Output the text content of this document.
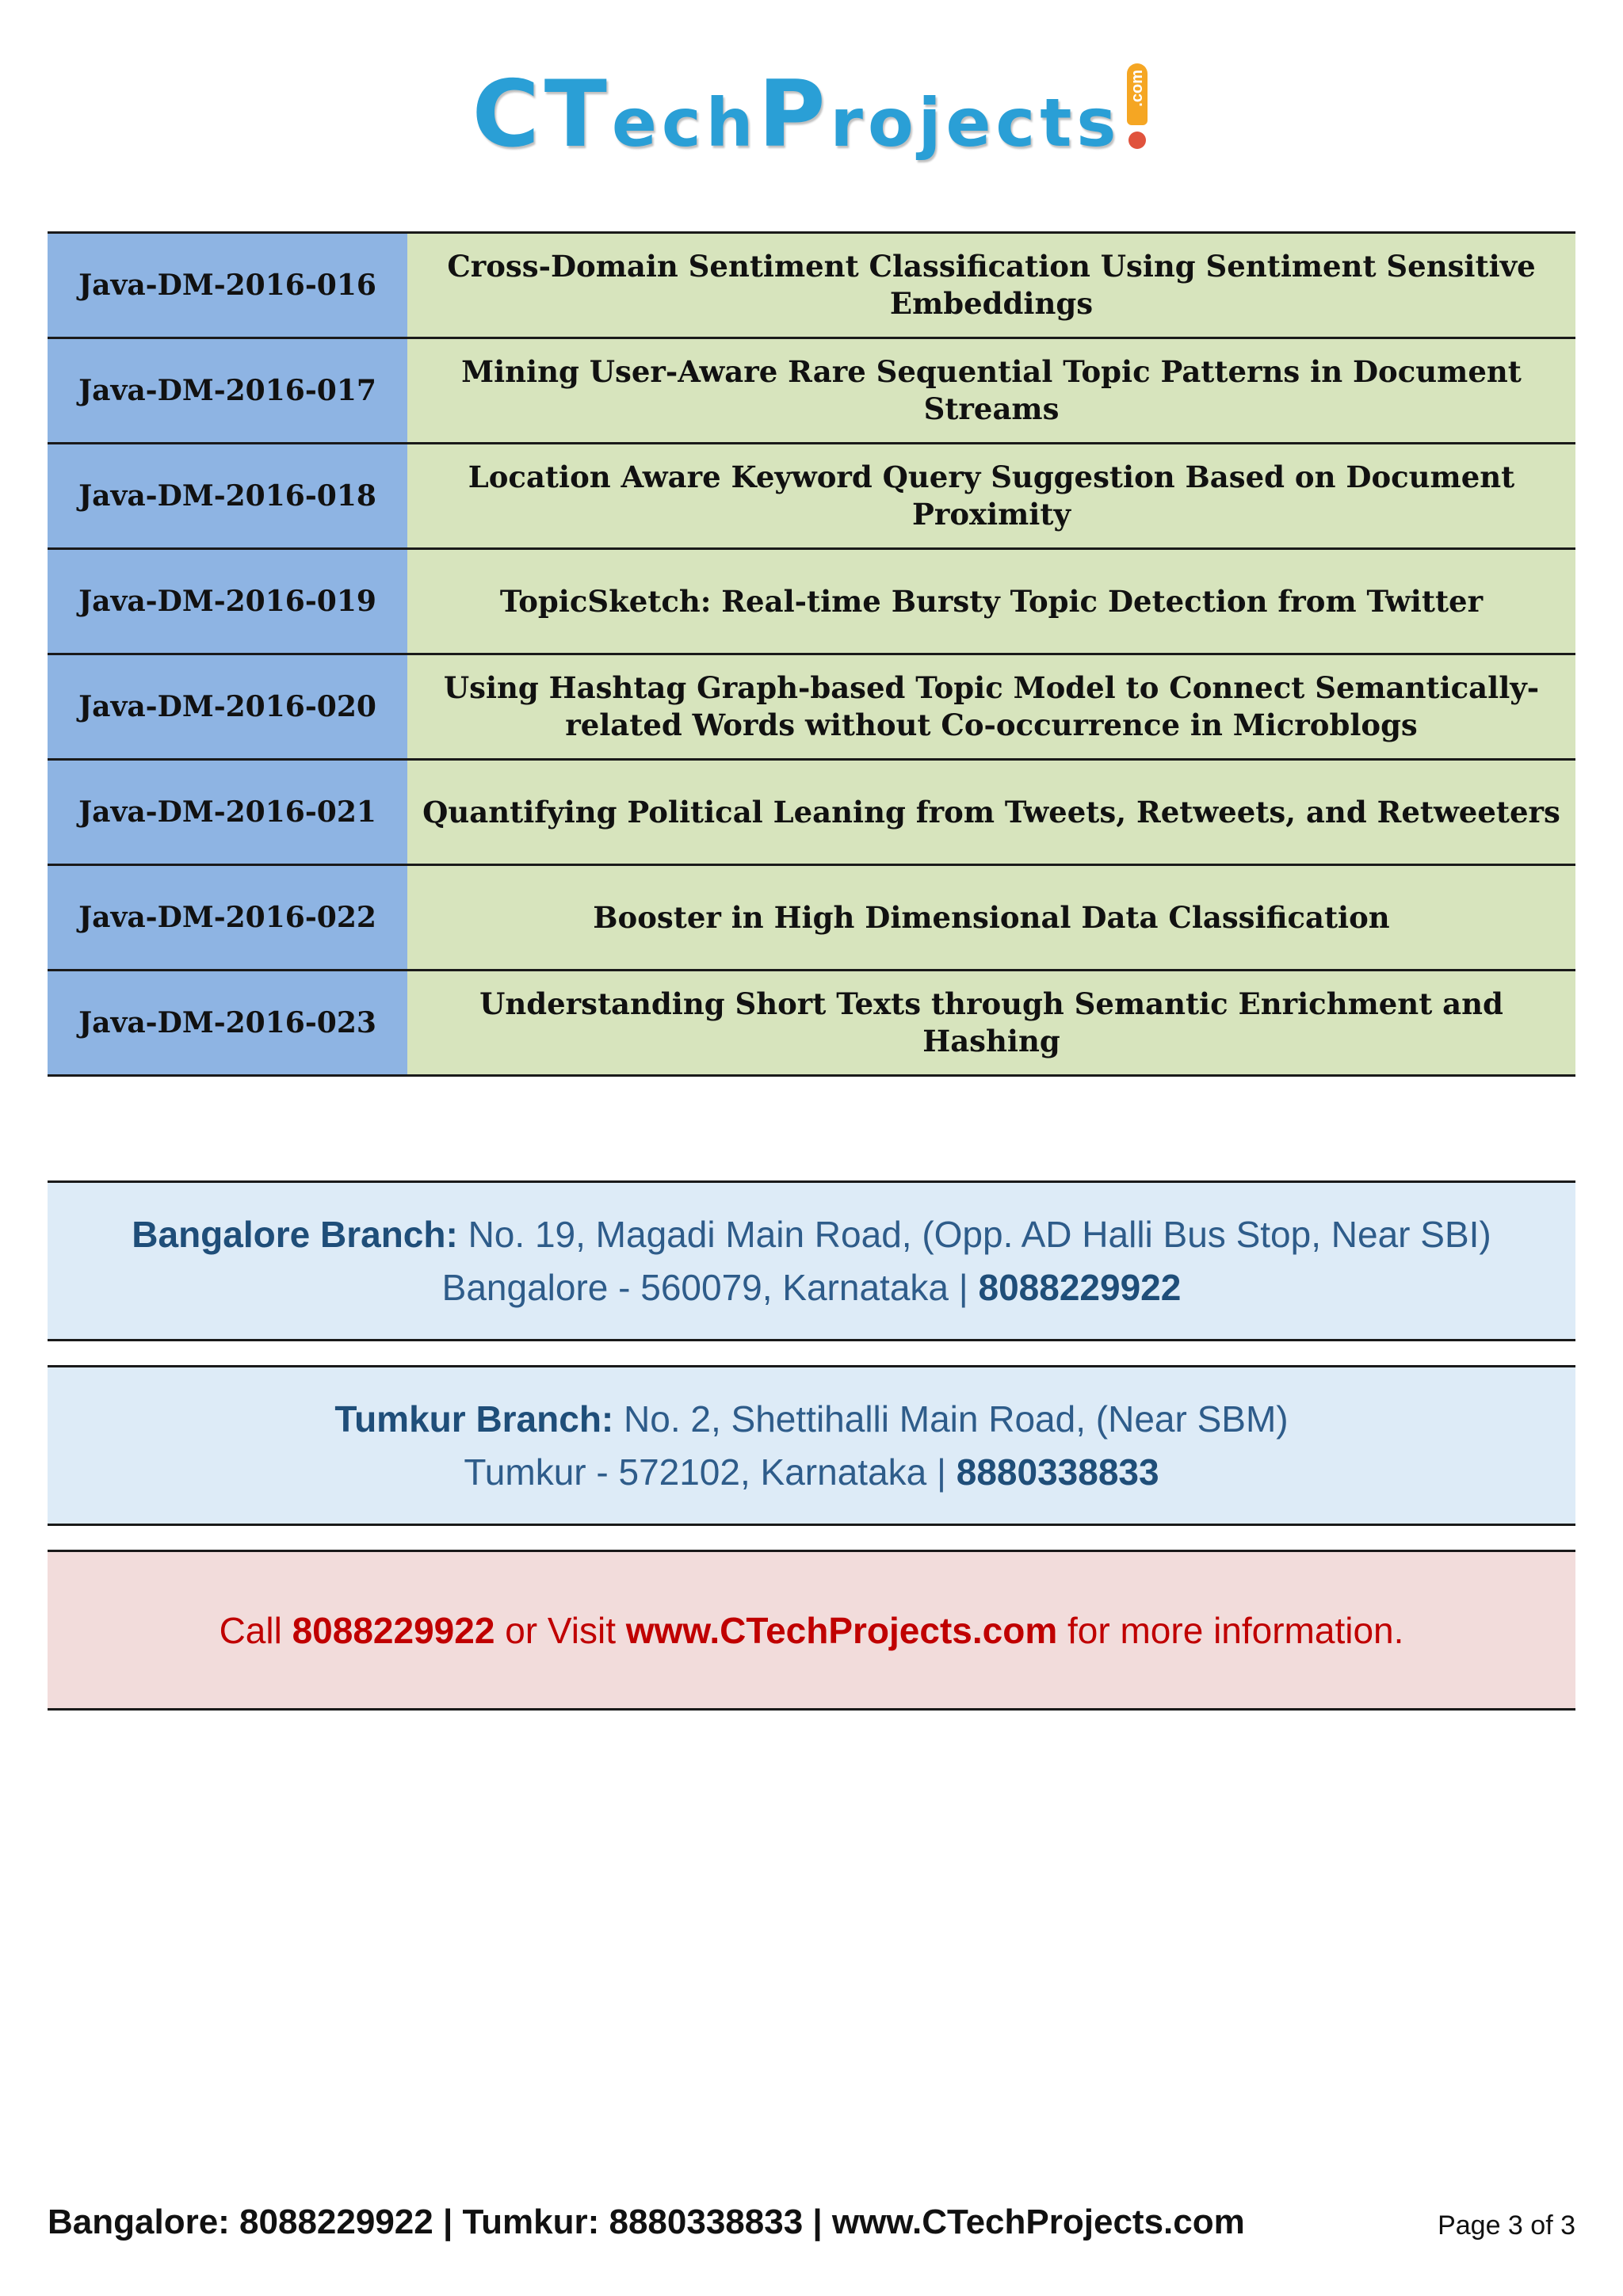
CTechProjects .com
Java-DM-2016-016	Cross-Domain Sentiment Classification Using Sentiment Sensitive Embeddings
Java-DM-2016-017	Mining User-Aware Rare Sequential Topic Patterns in Document Streams
Java-DM-2016-018	Location Aware Keyword Query Suggestion Based on Document Proximity
Java-DM-2016-019	TopicSketch: Real-time Bursty Topic Detection from Twitter
Java-DM-2016-020	Using Hashtag Graph-based Topic Model to Connect Semantically-related Words without Co-occurrence in Microblogs
Java-DM-2016-021	Quantifying Political Leaning from Tweets, Retweets, and Retweeters
Java-DM-2016-022	Booster in High Dimensional Data Classification
Java-DM-2016-023	Understanding Short Texts through Semantic Enrichment and Hashing
Bangalore Branch: No. 19, Magadi Main Road, (Opp. AD Halli Bus Stop, Near SBI)
Bangalore - 560079, Karnataka | 8088229922
Tumkur Branch: No. 2, Shettihalli Main Road, (Near SBM)
Tumkur - 572102, Karnataka | 8880338833
Call 8088229922 or Visit www.CTechProjects.com for more information.
Bangalore: 8088229922 | Tumkur: 8880338833 | www.CTechProjects.com	Page 3 of 3
